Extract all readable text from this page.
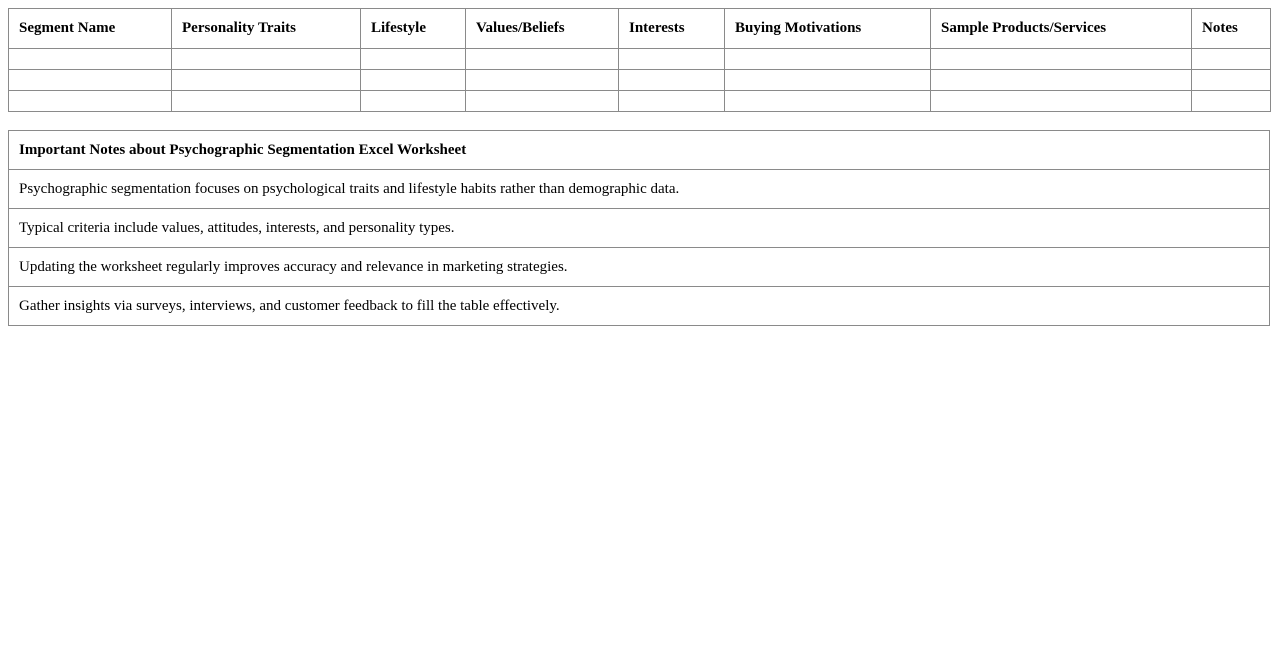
Segment Name	Personality Traits	Lifestyle	Values/Beliefs	Interests	Buying Motivations	Sample Products/Services	Notes

Important Notes about Psychographic Segmentation Excel Worksheet
Psychographic segmentation focuses on psychological traits and lifestyle habits rather than demographic data.
Typical criteria include values, attitudes, interests, and personality types.
Updating the worksheet regularly improves accuracy and relevance in marketing strategies.
Gather insights via surveys, interviews, and customer feedback to fill the table effectively.
